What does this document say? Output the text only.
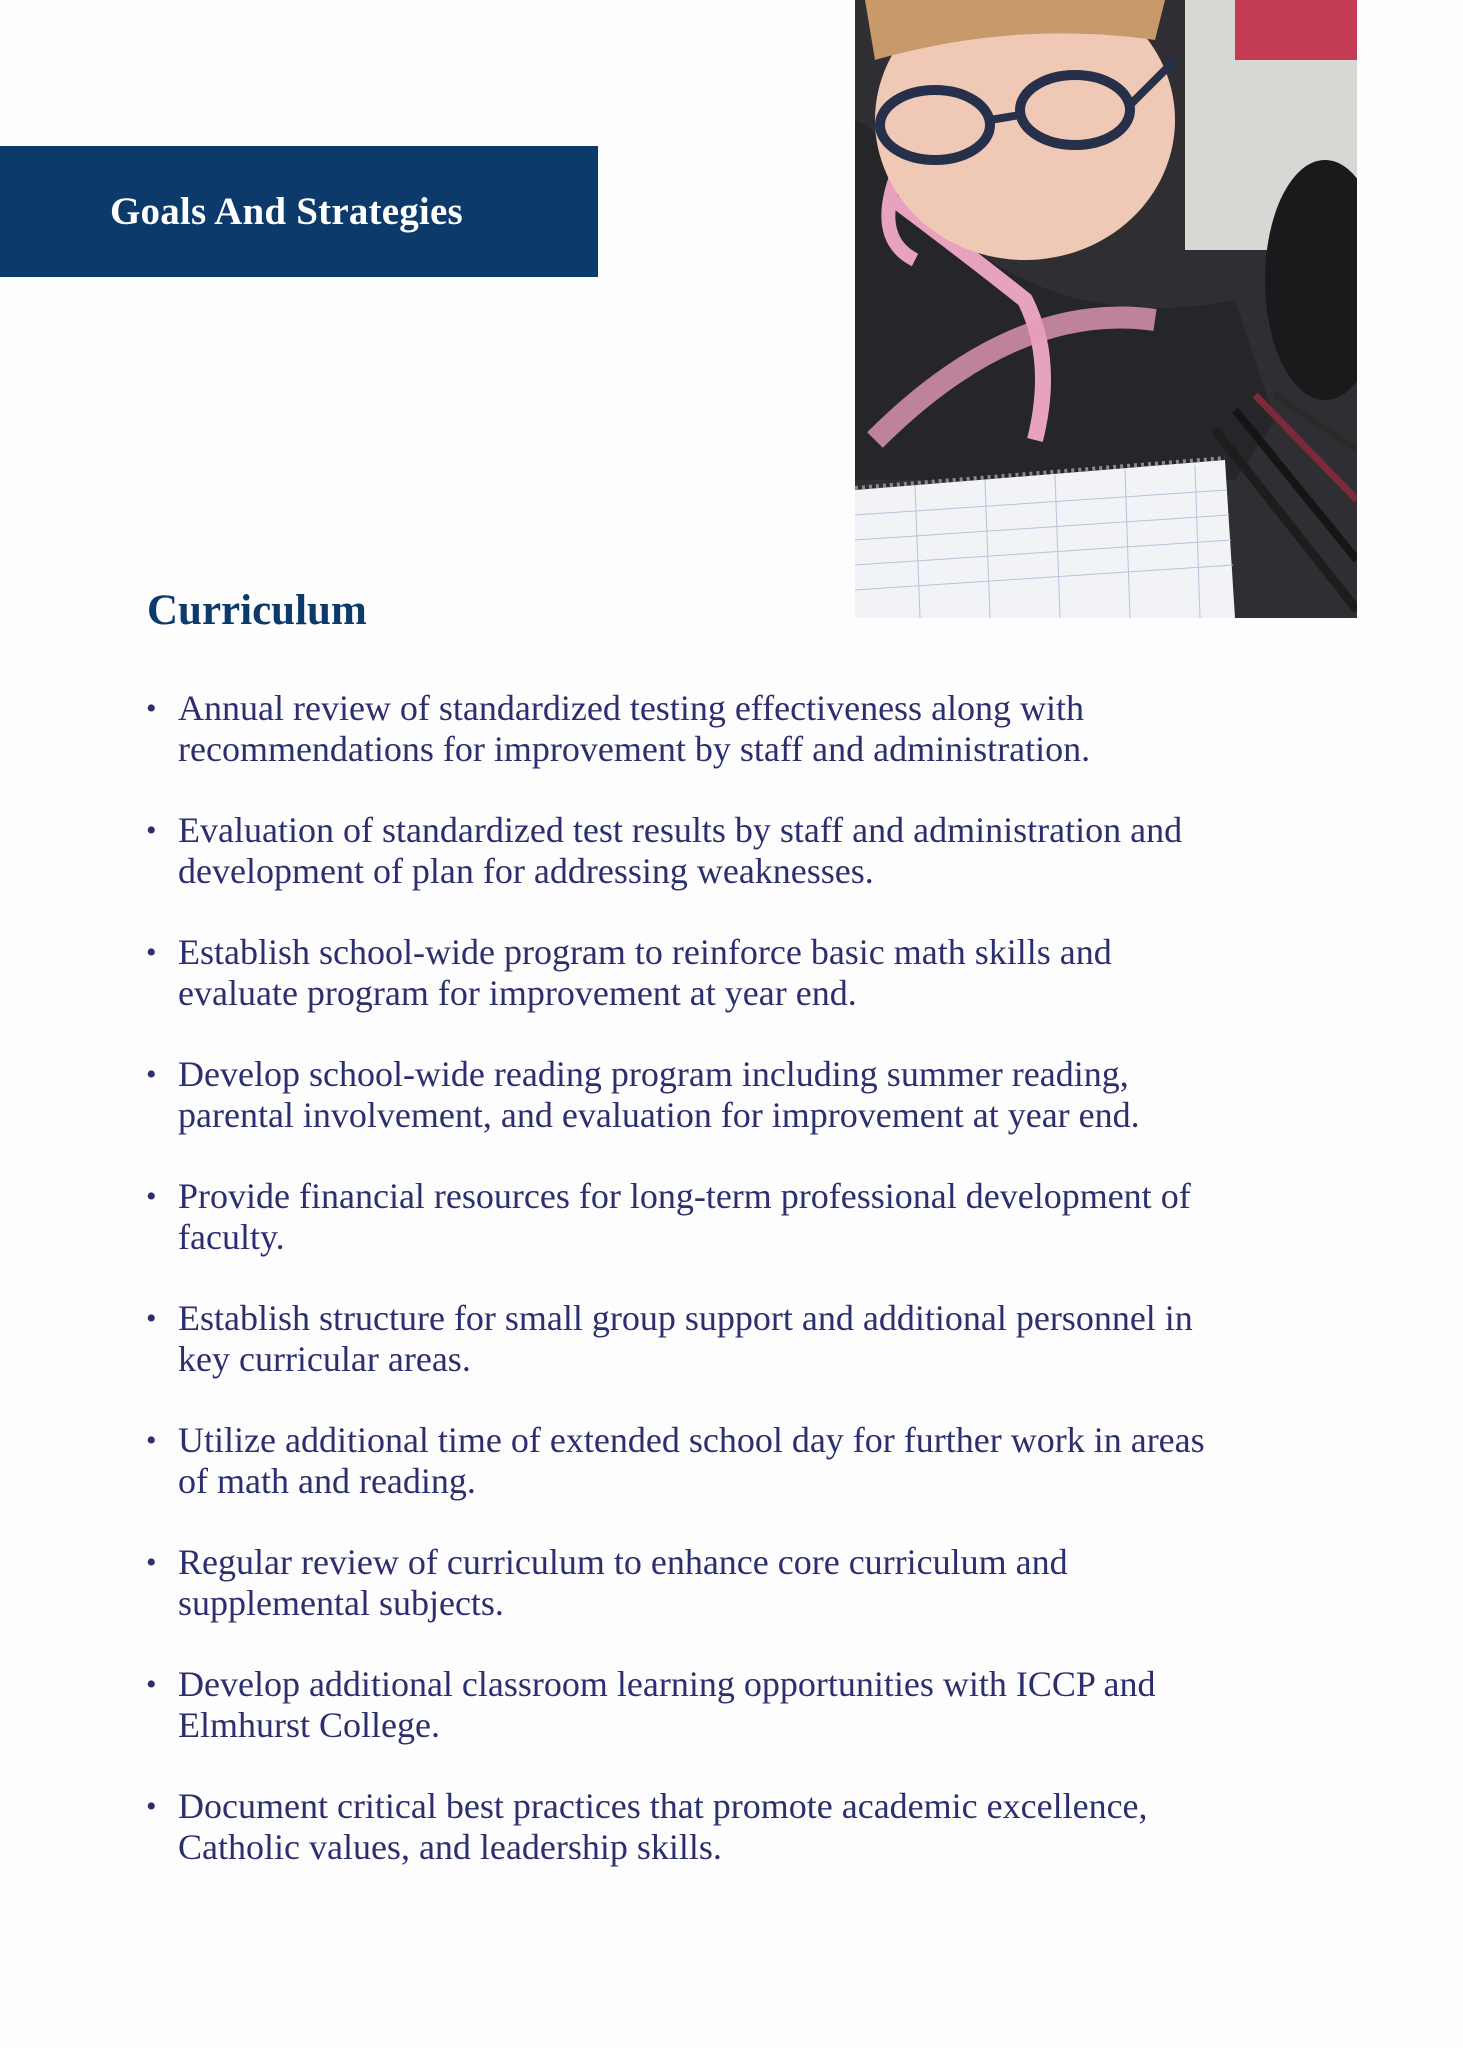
Goals And Strategies
Curriculum
• Annual review of standardized testing effectiveness along with
recommendations for improvement by staff and administration.
• Evaluation of standardized test results by staff and administration and
development of plan for addressing weaknesses.
• Establish school-wide program to reinforce basic math skills and
evaluate program for improvement at year end.
• Develop school-wide reading program including summer reading,
parental involvement, and evaluation for improvement at year end.
• Provide financial resources for long-term professional development of
faculty.
• Establish structure for small group support and additional personnel in
key curricular areas.
• Utilize additional time of extended school day for further work in areas
of math and reading.
• Regular review of curriculum to enhance core curriculum and
supplemental subjects.
• Develop additional classroom learning opportunities with ICCP and
Elmhurst College.
• Document critical best practices that promote academic excellence,
Catholic values, and leadership skills.
